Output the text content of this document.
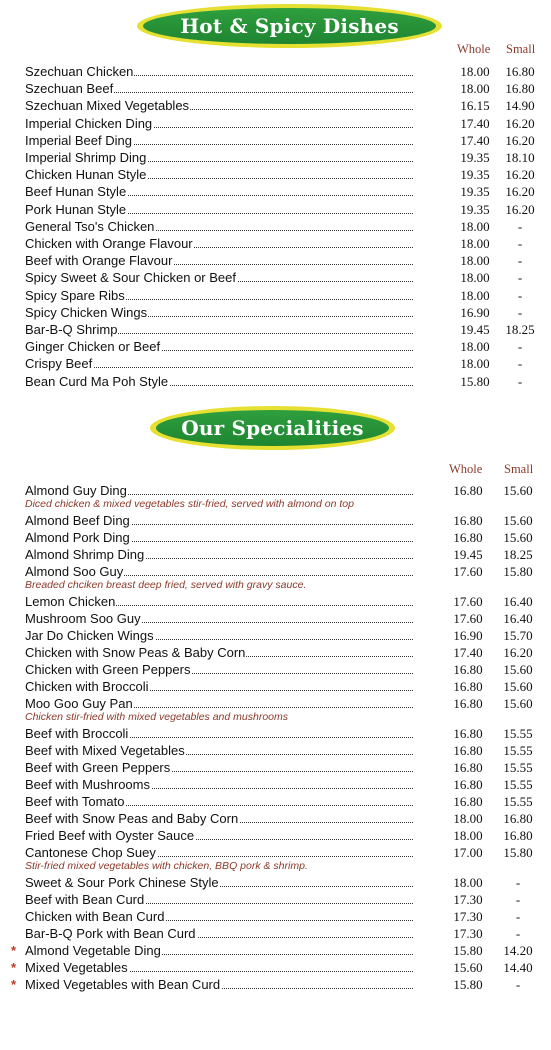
Hot & Spicy Dishes
Whole Small
Szechuan Chicken	18.00	16.80
Szechuan Beef	18.00	16.80
Szechuan Mixed Vegetables	16.15	14.90
Imperial Chicken Ding	17.40	16.20
Imperial Beef Ding	17.40	16.20
Imperial Shrimp Ding	19.35	18.10
Chicken Hunan Style	19.35	16.20
Beef Hunan Style	19.35	16.20
Pork Hunan Style	19.35	16.20
General Tso's Chicken	18.00	-
Chicken with Orange Flavour	18.00	-
Beef with Orange Flavour	18.00	-
Spicy Sweet & Sour Chicken or Beef	18.00	-
Spicy Spare Ribs	18.00	-
Spicy Chicken Wings	16.90	-
Bar-B-Q Shrimp	19.45	18.25
Ginger Chicken or Beef	18.00	-
Crispy Beef	18.00	-
Bean Curd Ma Poh Style	15.80	-
Our Specialities
Whole Small
Almond Guy Ding	16.80	15.60
Diced chicken & mixed vegetables stir-fried, served with almond on top
Almond Beef Ding	16.80	15.60
Almond Pork Ding	16.80	15.60
Almond Shrimp Ding	19.45	18.25
Almond Soo Guy	17.60	15.80
Breaded chciken breast deep fried, served with gravy sauce.
Lemon Chicken	17.60	16.40
Mushroom Soo Guy	17.60	16.40
Jar Do Chicken Wings	16.90	15.70
Chicken with Snow Peas & Baby Corn	17.40	16.20
Chicken with Green Peppers	16.80	15.60
Chicken with Broccoli	16.80	15.60
Moo Goo Guy Pan	16.80	15.60
Chicken stir-fried with mixed vegetables and mushrooms
Beef with Broccoli	16.80	15.55
Beef with Mixed Vegetables	16.80	15.55
Beef with Green Peppers	16.80	15.55
Beef with Mushrooms	16.80	15.55
Beef with Tomato	16.80	15.55
Beef with Snow Peas and Baby Corn	18.00	16.80
Fried Beef with Oyster Sauce	18.00	16.80
Cantonese Chop Suey	17.00	15.80
Stir-fried mixed vegetables with chicken, BBQ pork & shrimp.
Sweet & Sour Pork Chinese Style	18.00	-
Beef with Bean Curd	17.30	-
Chicken with Bean Curd	17.30	-
Bar-B-Q Pork with Bean Curd	17.30	-
* Almond Vegetable Ding	15.80	14.20
* Mixed Vegetables	15.60	14.40
* Mixed Vegetables with Bean Curd	15.80	-
